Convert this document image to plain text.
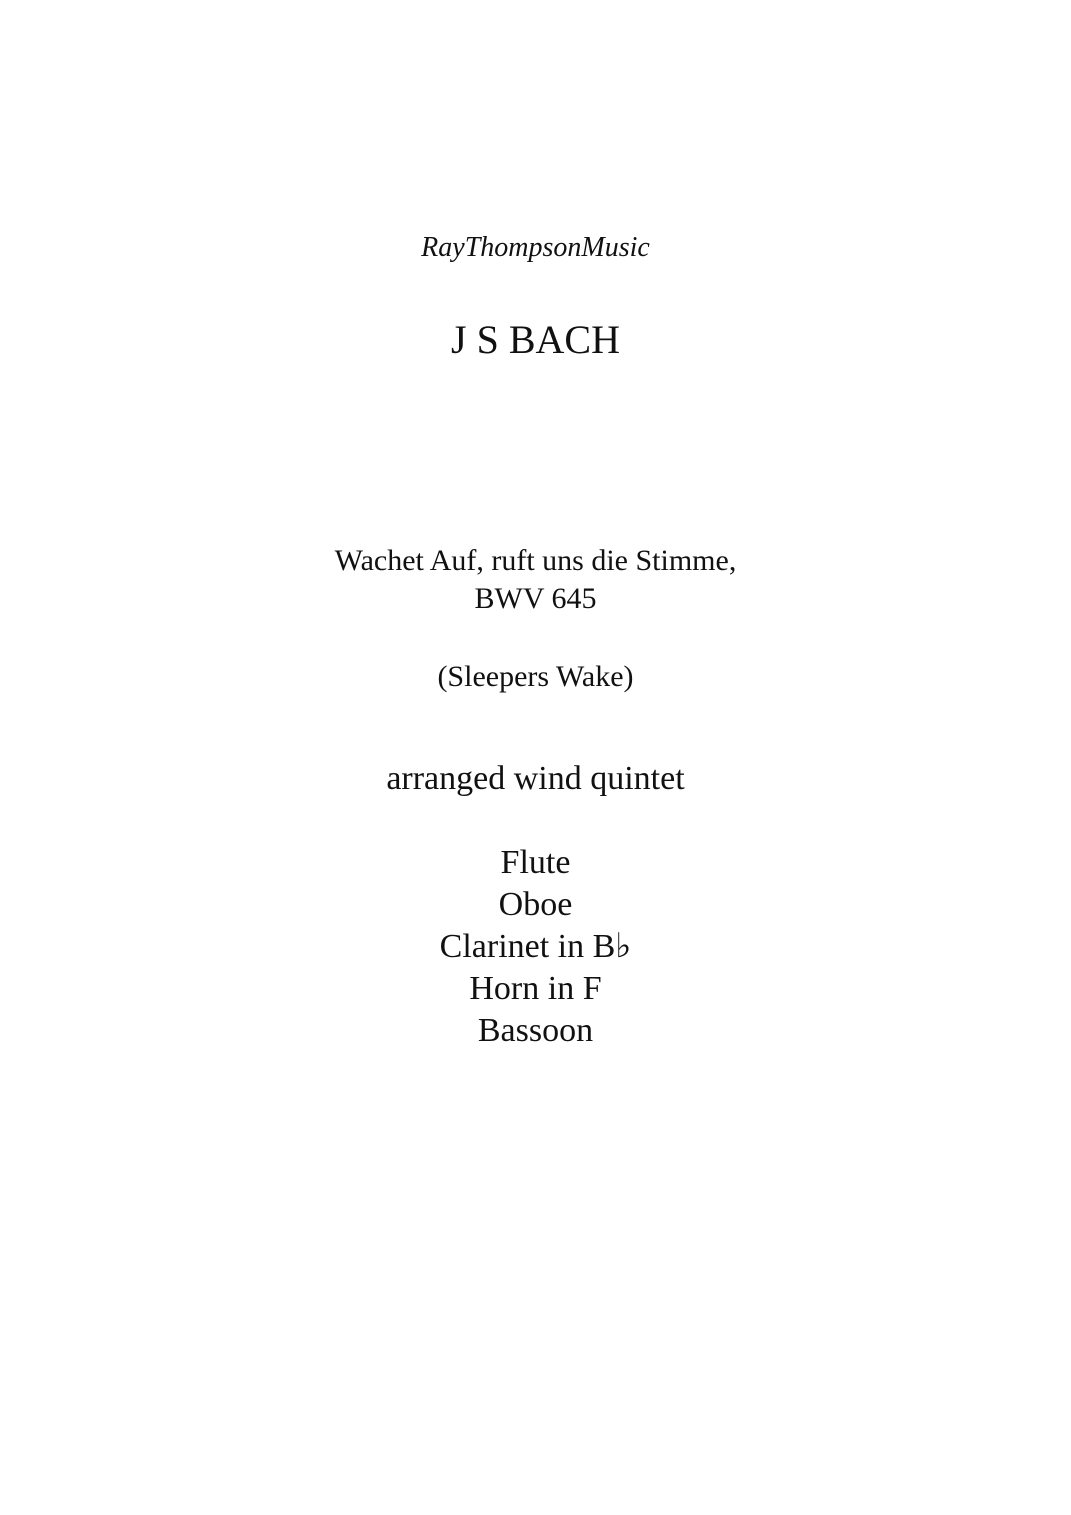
RayThompsonMusic
J S BACH
Wachet Auf, ruft uns die Stimme,
BWV 645
(Sleepers Wake)
arranged wind quintet
Flute
Oboe
Clarinet in B♭
Horn in F
Bassoon
